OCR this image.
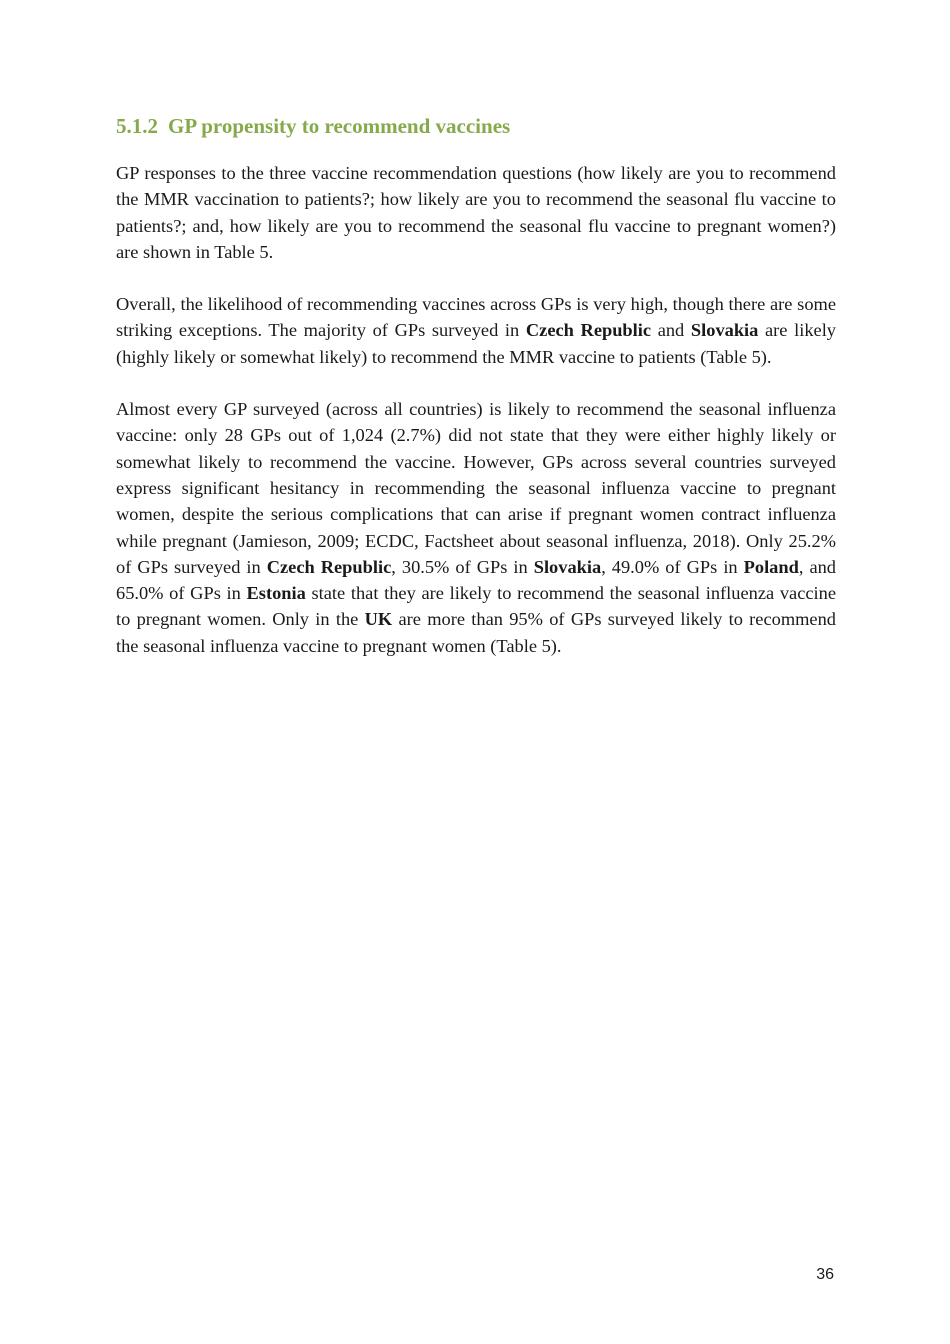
5.1.2 GP propensity to recommend vaccines

GP responses to the three vaccine recommendation questions (how likely are you to recommend the MMR vaccination to patients?; how likely are you to recommend the seasonal flu vaccine to patients?; and, how likely are you to recommend the seasonal flu vaccine to pregnant women?) are shown in Table 5.

Overall, the likelihood of recommending vaccines across GPs is very high, though there are some striking exceptions. The majority of GPs surveyed in Czech Republic and Slovakia are likely (highly likely or somewhat likely) to recommend the MMR vaccine to patients (Table 5).

Almost every GP surveyed (across all countries) is likely to recommend the seasonal influenza vaccine: only 28 GPs out of 1,024 (2.7%) did not state that they were either highly likely or somewhat likely to recommend the vaccine. However, GPs across several countries surveyed express significant hesitancy in recommending the seasonal influenza vaccine to pregnant women, despite the serious complications that can arise if pregnant women contract influenza while pregnant (Jamieson, 2009; ECDC, Factsheet about seasonal influenza, 2018). Only 25.2% of GPs surveyed in Czech Republic, 30.5% of GPs in Slovakia, 49.0% of GPs in Poland, and 65.0% of GPs in Estonia state that they are likely to recommend the seasonal influenza vaccine to pregnant women. Only in the UK are more than 95% of GPs surveyed likely to recommend the seasonal influenza vaccine to pregnant women (Table 5).

36
